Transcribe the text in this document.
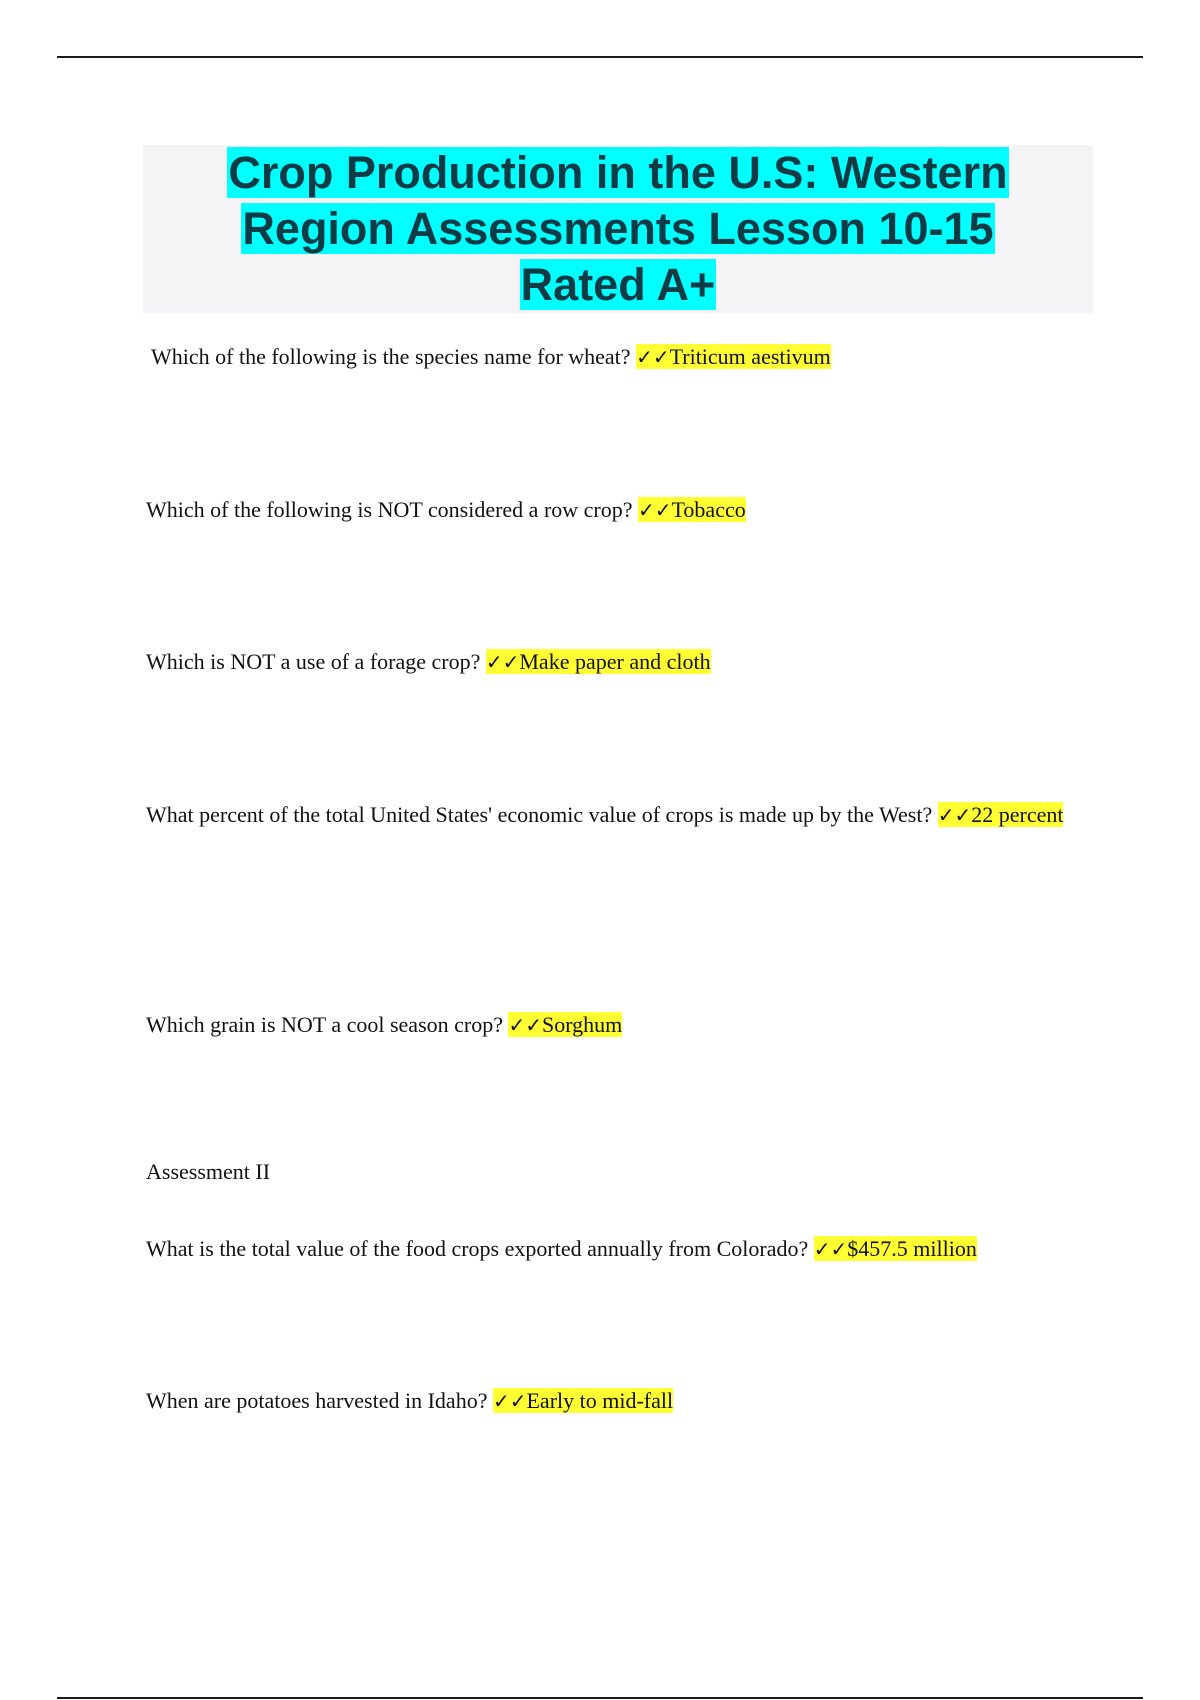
Crop Production in the U.S: Western
Region Assessments Lesson 10-15
Rated A+
Which of the following is the species name for wheat? ✓✓Triticum aestivum
Which of the following is NOT considered a row crop? ✓✓Tobacco
Which is NOT a use of a forage crop? ✓✓Make paper and cloth
What percent of the total United States' economic value of crops is made up by the West? ✓✓22 percent
Which grain is NOT a cool season crop? ✓✓Sorghum
Assessment II
What is the total value of the food crops exported annually from Colorado? ✓✓$457.5 million
When are potatoes harvested in Idaho? ✓✓Early to mid-fall
